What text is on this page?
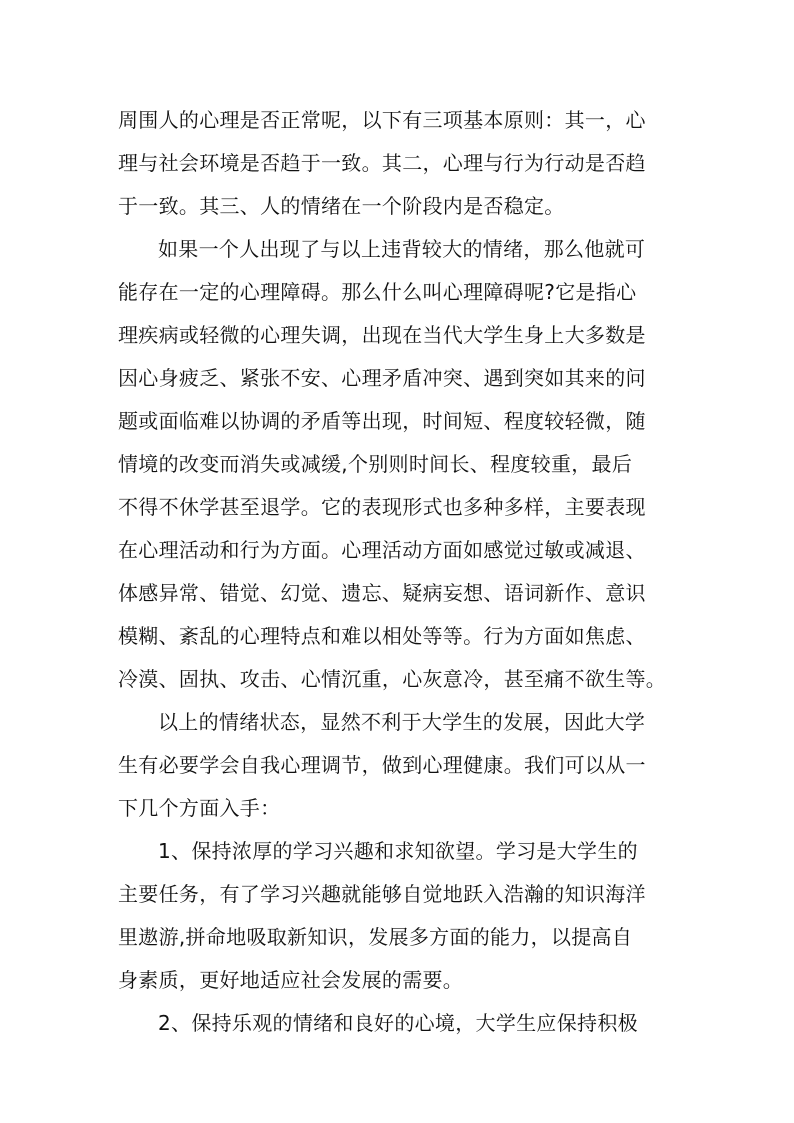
周围人的心理是否正常呢，以下有三项基本原则：其一，心
理与社会环境是否趋于一致。其二，心理与行为行动是否趋
于一致。其三、人的情绪在一个阶段内是否稳定。
如果一个人出现了与以上违背较大的情绪，那么他就可
能存在一定的心理障碍。那么什么叫心理障碍呢?它是指心
理疾病或轻微的心理失调，出现在当代大学生身上大多数是
因心身疲乏、紧张不安、心理矛盾冲突、遇到突如其来的问
题或面临难以协调的矛盾等出现，时间短、程度较轻微，随
情境的改变而消失或减缓,个别则时间长、程度较重，最后
不得不休学甚至退学。它的表现形式也多种多样，主要表现
在心理活动和行为方面。心理活动方面如感觉过敏或减退、
体感异常、错觉、幻觉、遗忘、疑病妄想、语词新作、意识
模糊、紊乱的心理特点和难以相处等等。行为方面如焦虑、
冷漠、固执、攻击、心情沉重，心灰意冷，甚至痛不欲生等。
以上的情绪状态，显然不利于大学生的发展，因此大学
生有必要学会自我心理调节，做到心理健康。我们可以从一
下几个方面入手：
1、保持浓厚的学习兴趣和求知欲望。学习是大学生的
主要任务，有了学习兴趣就能够自觉地跃入浩瀚的知识海洋
里遨游,拼命地吸取新知识，发展多方面的能力，以提高自
身素质，更好地适应社会发展的需要。
2、保持乐观的情绪和良好的心境，大学生应保持积极
